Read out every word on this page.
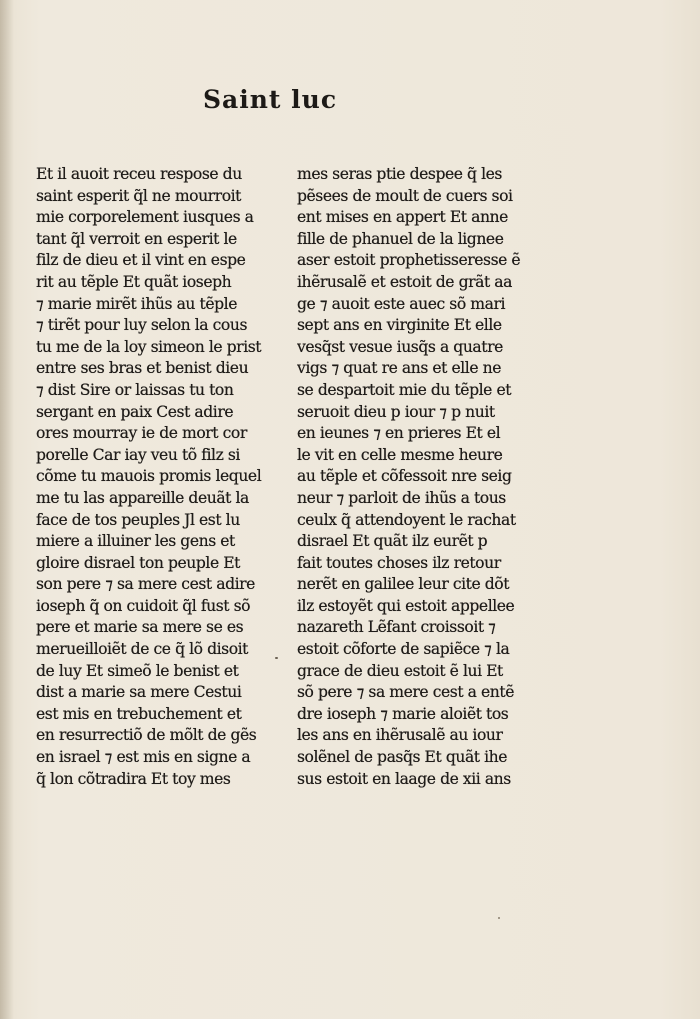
Saint luc
Et il auoit receu respose du
saint esperit q̃l ne mourroit
mie corporelement iusques a
tant q̃l verroit en esperit le
filz de dieu et il vint en espe
rit au tẽple Et quãt ioseph
⁊ marie mirẽt ihũs au tẽple
⁊ tirẽt pour luy selon la cous
tu me de la loy simeon le prist
entre ses bras et benist dieu
⁊ dist Sire or laissas tu ton
sergant en paix Cest adire
ores mourray ie de mort cor
porelle Car iay veu tõ filz si
cõme tu mauois promis lequel
me tu las appareille deuãt la
face de tos peuples Jl est lu
miere a illuiner les gens et
gloire disrael ton peuple Et
son pere ⁊ sa mere cest adire
ioseph q̃ on cuidoit q̃l fust sõ
pere et marie sa mere se es
merueilloiẽt de ce q̃ lõ disoit
de luy Et simeõ le benist et
dist a marie sa mere Cestui
est mis en trebuchement et
en resurrectiõ de mõlt de gẽs
en israel ⁊ est mis en signe a
q̃ lon cõtradira Et toy mes
mes seras ptie despee q̃ les
pẽsees de moult de cuers soi
ent mises en appert Et anne
fille de phanuel de la lignee
aser estoit prophetisseresse ẽ
ihẽrusalẽ et estoit de grãt aa
ge ⁊ auoit este auec sõ mari
sept ans en virginite Et elle
vesq̃st vesue iusq̃s a quatre
vigs ⁊ quat re ans et elle ne
se despartoit mie du tẽple et
seruoit dieu p iour ⁊ p nuit
en ieunes ⁊ en prieres Et el
le vit en celle mesme heure
au tẽple et cõfessoit nre seig
neur ⁊ parloit de ihũs a tous
ceulx q̃ attendoyent le rachat
disrael Et quãt ilz eurẽt p
fait toutes choses ilz retour
nerẽt en galilee leur cite dõt
ilz estoyẽt qui estoit appellee
nazareth Lẽfant croissoit ⁊
estoit cõforte de sapiẽce ⁊ la
grace de dieu estoit ẽ lui Et
sõ pere ⁊ sa mere cest a entẽ
dre ioseph ⁊ marie aloiẽt tos
les ans en ihẽrusalẽ au iour
solẽnel de pasq̃s Et quãt ihe
sus estoit en laage de xii ans
